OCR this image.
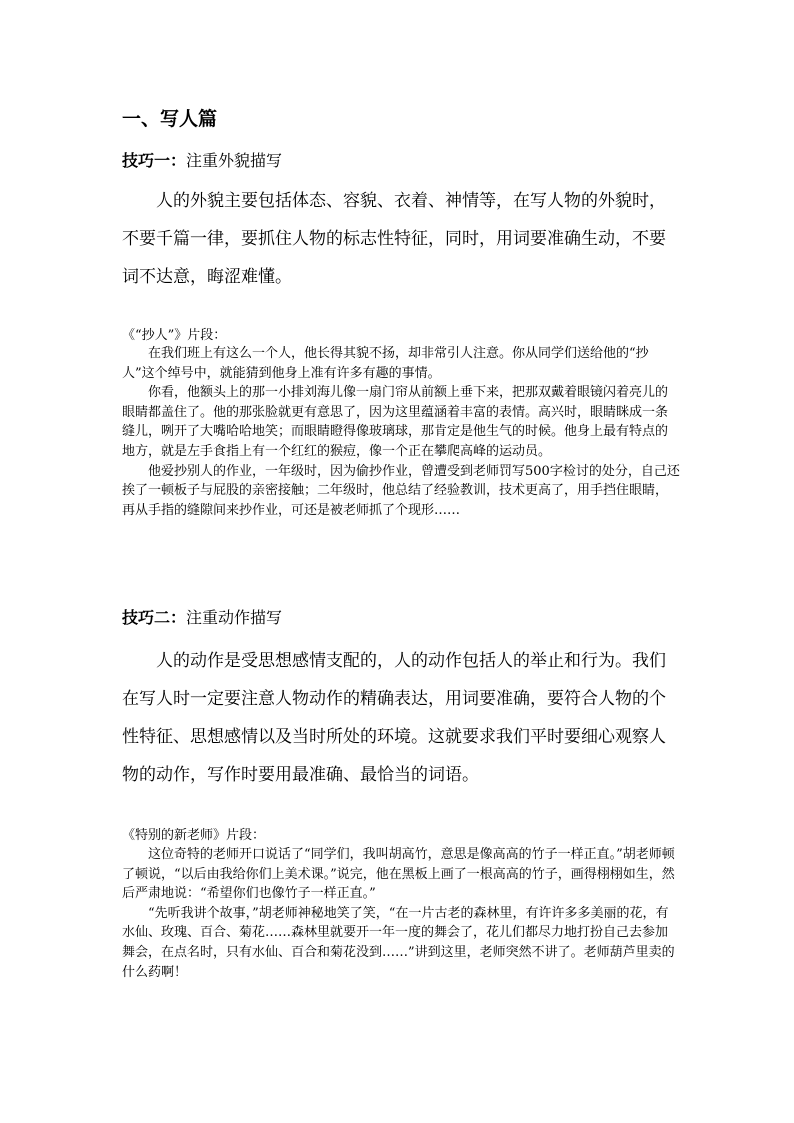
一、写人篇
技巧一：注重外貌描写
人的外貌主要包括体态、容貌、衣着、神情等，在写人物的外貌时，不要千篇一律，要抓住人物的标志性特征，同时，用词要准确生动，不要词不达意，晦涩难懂。
《“抄人”》片段：

在我们班上有这么一个人，他长得其貌不扬，却非常引人注意。你从同学们送给他的“抄人”这个绰号中，就能猜到他身上准有许多有趣的事情。

你看，他额头上的那一小排刘海儿像一扇门帘从前额上垂下来，把那双戴着眼镜闪着亮儿的眼睛都盖住了。他的那张脸就更有意思了，因为这里蕴涵着丰富的表情。高兴时，眼睛眯成一条缝儿，咧开了大嘴哈哈地笑；而眼睛瞪得像玻璃球，那肯定是他生气的时候。他身上最有特点的地方，就是左手食指上有一个红红的猴痘，像一个正在攀爬高峰的运动员。

他爱抄别人的作业，一年级时，因为偷抄作业，曾遭受到老师罚写500字检讨的处分，自己还挨了一顿板子与屁股的亲密接触；二年级时，他总结了经验教训，技术更高了，用手挡住眼睛，再从手指的缝隙间来抄作业，可还是被老师抓了个现形……

技巧二：注重动作描写
人的动作是受思想感情支配的，人的动作包括人的举止和行为。我们在写人时一定要注意人物动作的精确表达，用词要准确，要符合人物的个性特征、思想感情以及当时所处的环境。这就要求我们平时要细心观察人物的动作，写作时要用最准确、最恰当的词语。
《特别的新老师》片段：

这位奇特的老师开口说话了“同学们，我叫胡高竹，意思是像高高的竹子一样正直。”胡老师顿了顿说，“以后由我给你们上美术课。”说完，他在黑板上画了一根高高的竹子，画得栩栩如生，然后严肃地说：“希望你们也像竹子一样正直。”

“先听我讲个故事，”胡老师神秘地笑了笑，“在一片古老的森林里，有许许多多美丽的花，有水仙、玫瑰、百合、菊花……森林里就要开一年一度的舞会了，花儿们都尽力地打扮自己去参加舞会，在点名时，只有水仙、百合和菊花没到……”讲到这里，老师突然不讲了。老师葫芦里卖的什么药啊！
